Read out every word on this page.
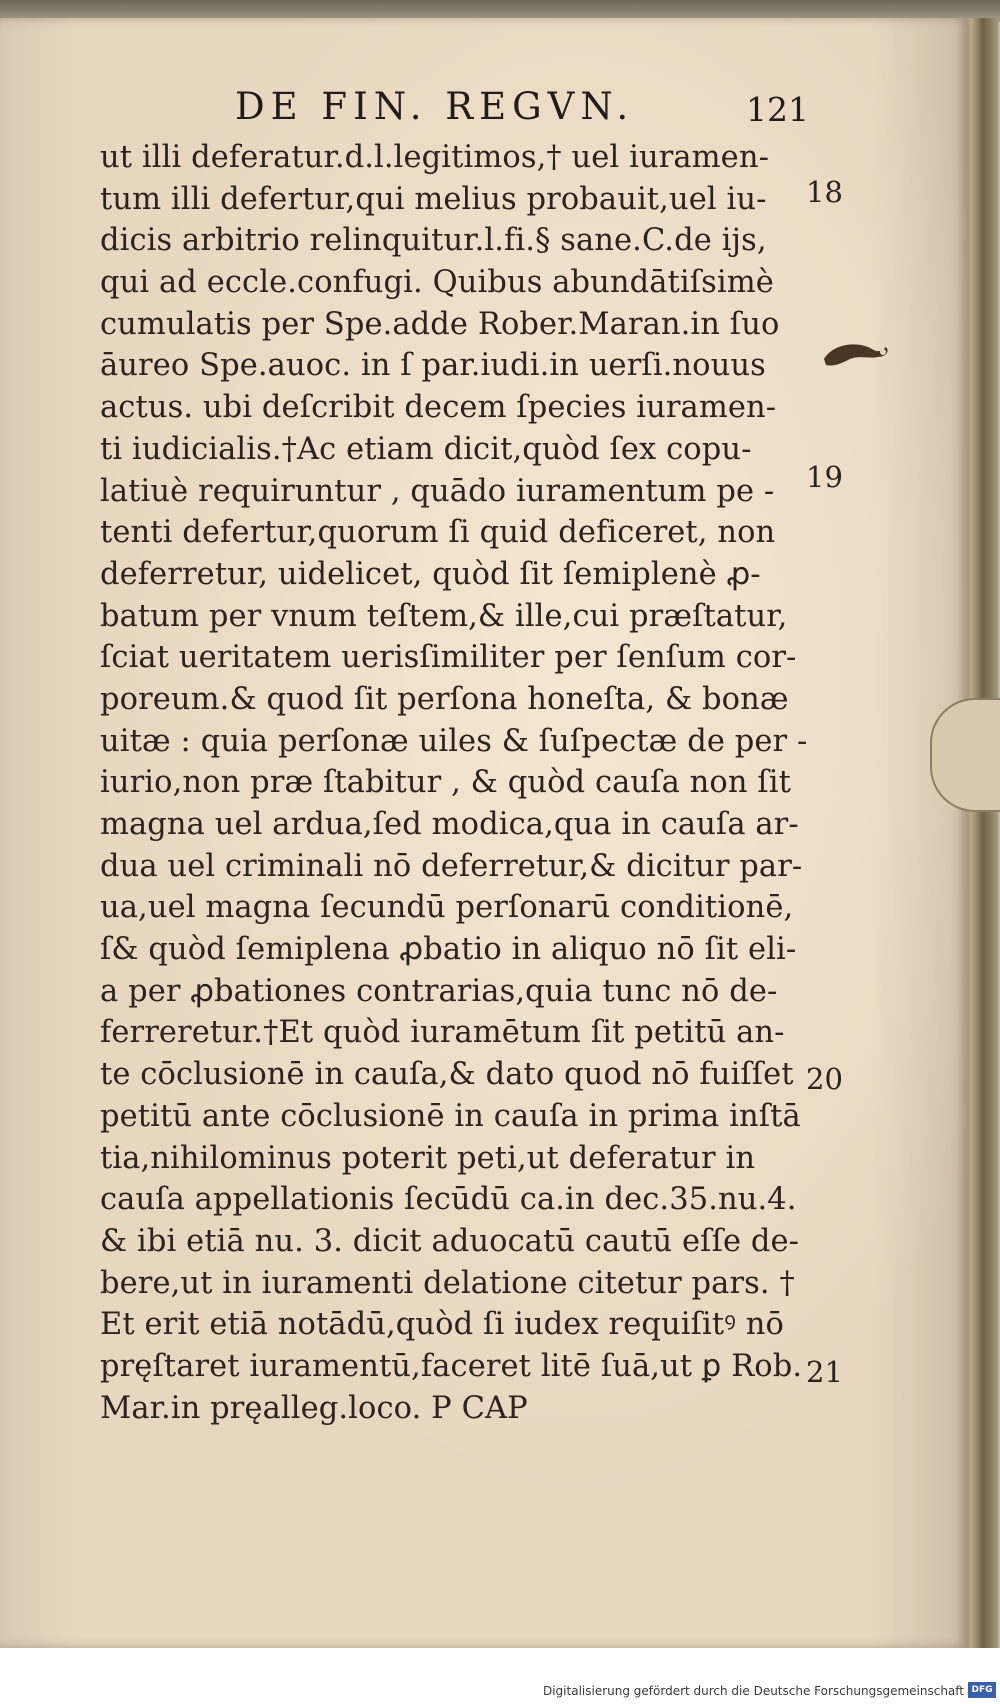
DE FIN. REGVN.	121
ut illi deferatur.d.l.legitimos,† uel iuramen-
tum illi defertur,qui melius probauit,uel iu-
dicis arbitrio relinquitur.l.fi.§ sane.C.de ijs,
qui ad eccle.confugi. Quibus abundātiſsimè
cumulatis per Spe.adde Rober.Maran.in ſuo
āureo Spe.auoc. in ſ par.iudi.in uerſi.nouus
actus. ubi deſcribit decem ſpecies iuramen-
ti iudicialis.†Ac etiam dicit,quòd ſex copu-
latiuè requiruntur , quādo iuramentum pe -
tenti defertur,quorum ſi quid deficeret, non
deferretur, uidelicet, quòd ſit ſemiplenè ꝓ-
batum per vnum teſtem,& ille,cui præſtatur,
ſciat ueritatem uerisſimiliter per ſenſum cor-
poreum.& quod ſit perſona honeſta, & bonæ
uitæ : quia perſonæ uiles & ſuſpectæ de per -
iurio,non præ ſtabitur , & quòd cauſa non ſit
magna uel ardua,ſed modica,qua in cauſa ar-
dua uel criminali nō deferretur,& dicitur par-
ua,uel magna ſecundū perſonarū conditionē,
ſ& quòd ſemiplena ꝓbatio in aliquo nō ſit eli-
a per ꝓbationes contrarias,quia tunc nō de-
ferreretur.†Et quòd iuramētum ſit petitū an-
te cōclusionē in cauſa,& dato quod nō fuiſſet
petitū ante cōclusionē in cauſa in prima inſtā
tia,nihilominus poterit peti,ut deferatur in
cauſa appellationis ſecūdū ca.in dec.35.nu.4.
& ibi etiā nu. 3. dicit aduocatū cautū eſſe de-
bere,ut in iuramenti delatione citetur pars. †
Et erit etiā notādū,quòd ſi iudex requiſitꝰ nō
pręſtaret iuramentū,faceret litē ſuā,ut ꝑ Rob.
Mar.in pręalleg.loco. P CAP
18
19
20
21
Digitalisierung gefördert durch die Deutsche Forschungsgemeinschaft DFG
